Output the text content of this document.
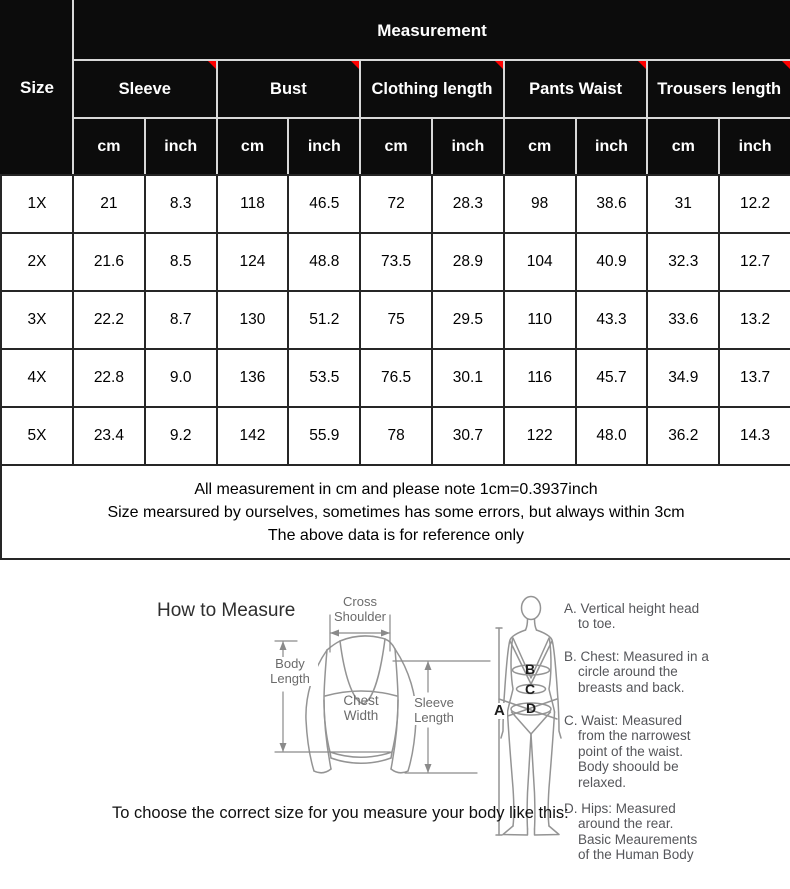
Size	Measurement									
	Sleeve		Bust		Clothing length		Pants Waist		Trousers length	

	cm	inch	cm	inch	cm	inch	cm	inch	cm	inch
1X	21	8.3	118	46.5	72	28.3	98	38.6	31	12.2
2X	21.6	8.5	124	48.8	73.5	28.9	104	40.9	32.3	12.7
3X	22.2	8.7	130	51.2	75	29.5	110	43.3	33.6	13.2
4X	22.8	9.0	136	53.5	76.5	30.1	116	45.7	34.9	13.7
5X	23.4	9.2	142	55.9	78	30.7	122	48.0	36.2	14.3

All measurement in cm and please note 1cm=0.3937inch
Size mearsured by ourselves, sometimes has some errors, but always within 3cm
The above data is for reference only										
How to Measure	Cross
Shoulder
Body
Length
Chest
Width
Sleeve
Length	A
B
C
D
A. Vertical height head
to toe.
B. Chest: Measured in a
circle around the
breasts and back.
C. Waist: Measured
from the narrowest
point of the waist.
Body shoould be
relaxed.
D. Hips: Measured
around the rear.
Basic Meaurements
of the Human Body
To choose the correct size for you measure your body like this:
